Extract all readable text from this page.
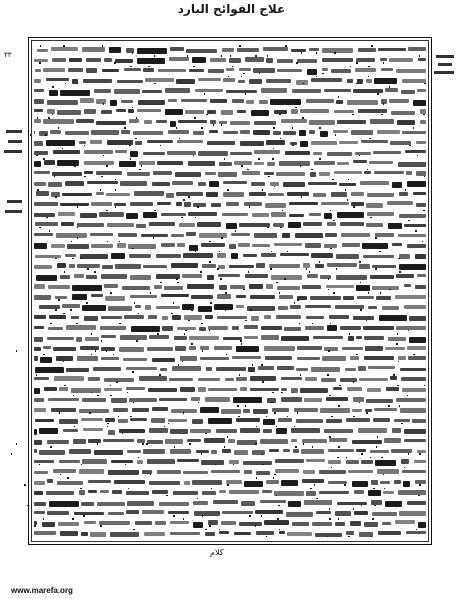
علاج الفوائح البارد
٣٣
كلام
www.marefa.org
